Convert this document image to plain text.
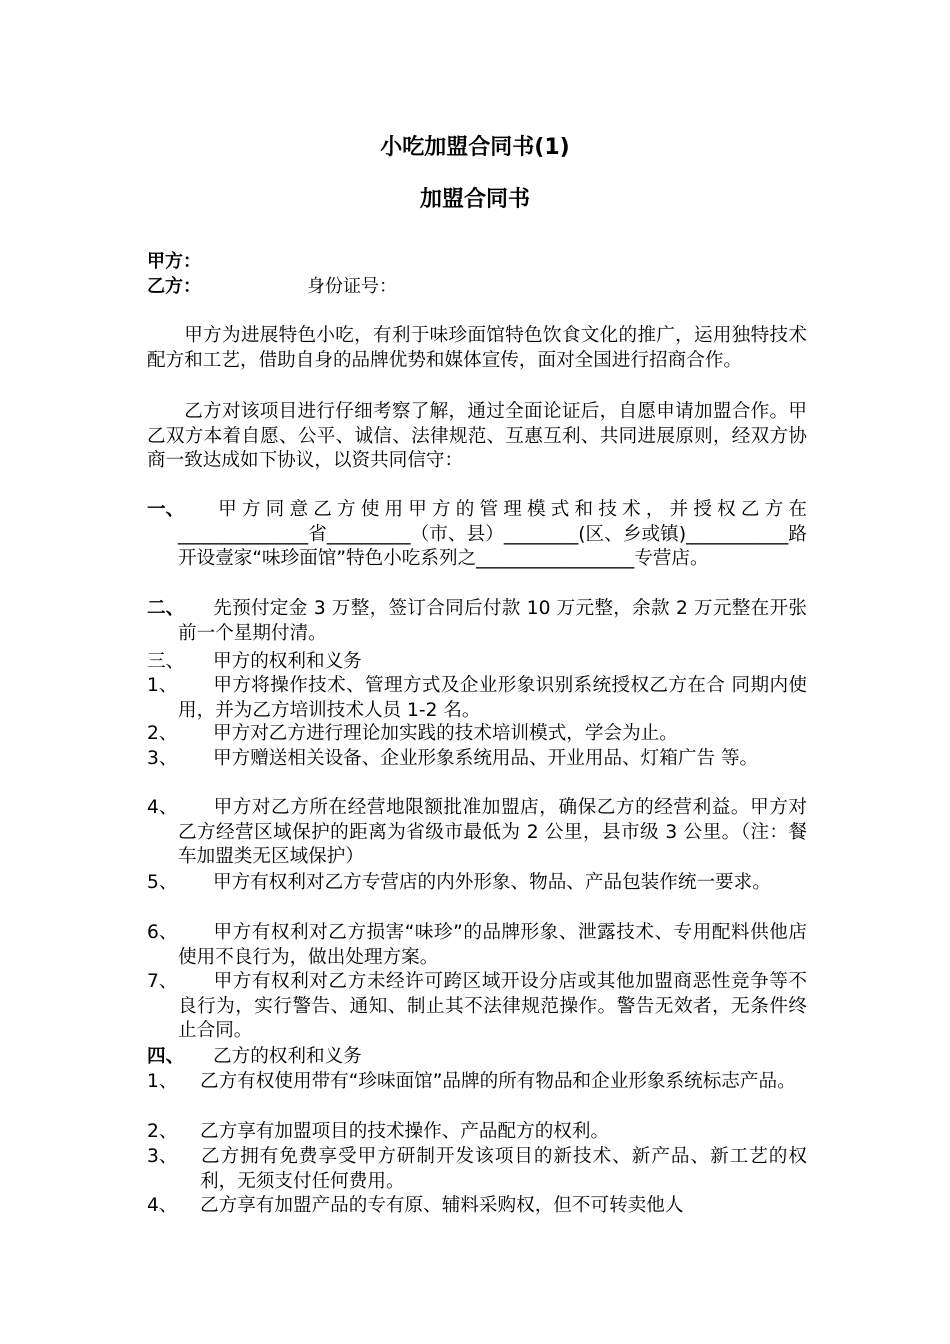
小吃加盟合同书(1)
加盟合同书
甲方：
乙方：	身份证号：
甲方为进展特色小吃，有利于味珍面馆特色饮食文化的推广，运用独特技术配方和工艺，借助自身的品牌优势和媒体宣传，面对全国进行招商合作。
乙方对该项目进行仔细考察了解，通过全面论证后，自愿申请加盟合作。甲乙双方本着自愿、公平、诚信、法律规范、互惠互利、共同进展原则，经双方协商一致达成如下协议，以资共同信守：
一、	甲方同意乙方使用甲方的管理模式和技术，并授权乙方在______________省_________（市、县）________(区、乡或镇)___________路开设壹家“味珍面馆”特色小吃系列之_________________专营店。
二、	先预付定金 3 万整，签订合同后付款 10 万元整，余款 2 万元整在开张前一个星期付清。
三、	甲方的权利和义务
1、	甲方将操作技术、管理方式及企业形象识别系统授权乙方在合 同期内使用，并为乙方培训技术人员 1-2 名。
2、	甲方对乙方进行理论加实践的技术培训模式，学会为止。
3、	甲方赠送相关设备、企业形象系统用品、开业用品、灯箱广告 等。
4、	甲方对乙方所在经营地限额批准加盟店，确保乙方的经营利益。甲方对乙方经营区域保护的距离为省级市最低为 2 公里，县市级 3 公里。（注：餐车加盟类无区域保护）
5、	甲方有权利对乙方专营店的内外形象、物品、产品包装作统一要求。
6、	甲方有权利对乙方损害“味珍”的品牌形象、泄露技术、专用配料供他店使用不良行为，做出处理方案。
7、	甲方有权利对乙方未经许可跨区域开设分店或其他加盟商恶性竞争等不良行为，实行警告、通知、制止其不法律规范操作。警告无效者，无条件终止合同。
四、	乙方的权利和义务
1、	乙方有权使用带有“珍味面馆”品牌的所有物品和企业形象系统标志产品。
2、	乙方享有加盟项目的技术操作、产品配方的权利。
3、	乙方拥有免费享受甲方研制开发该项目的新技术、新产品、新工艺的权利，无须支付任何费用。
4、	乙方享有加盟产品的专有原、辅料采购权，但不可转卖他人
